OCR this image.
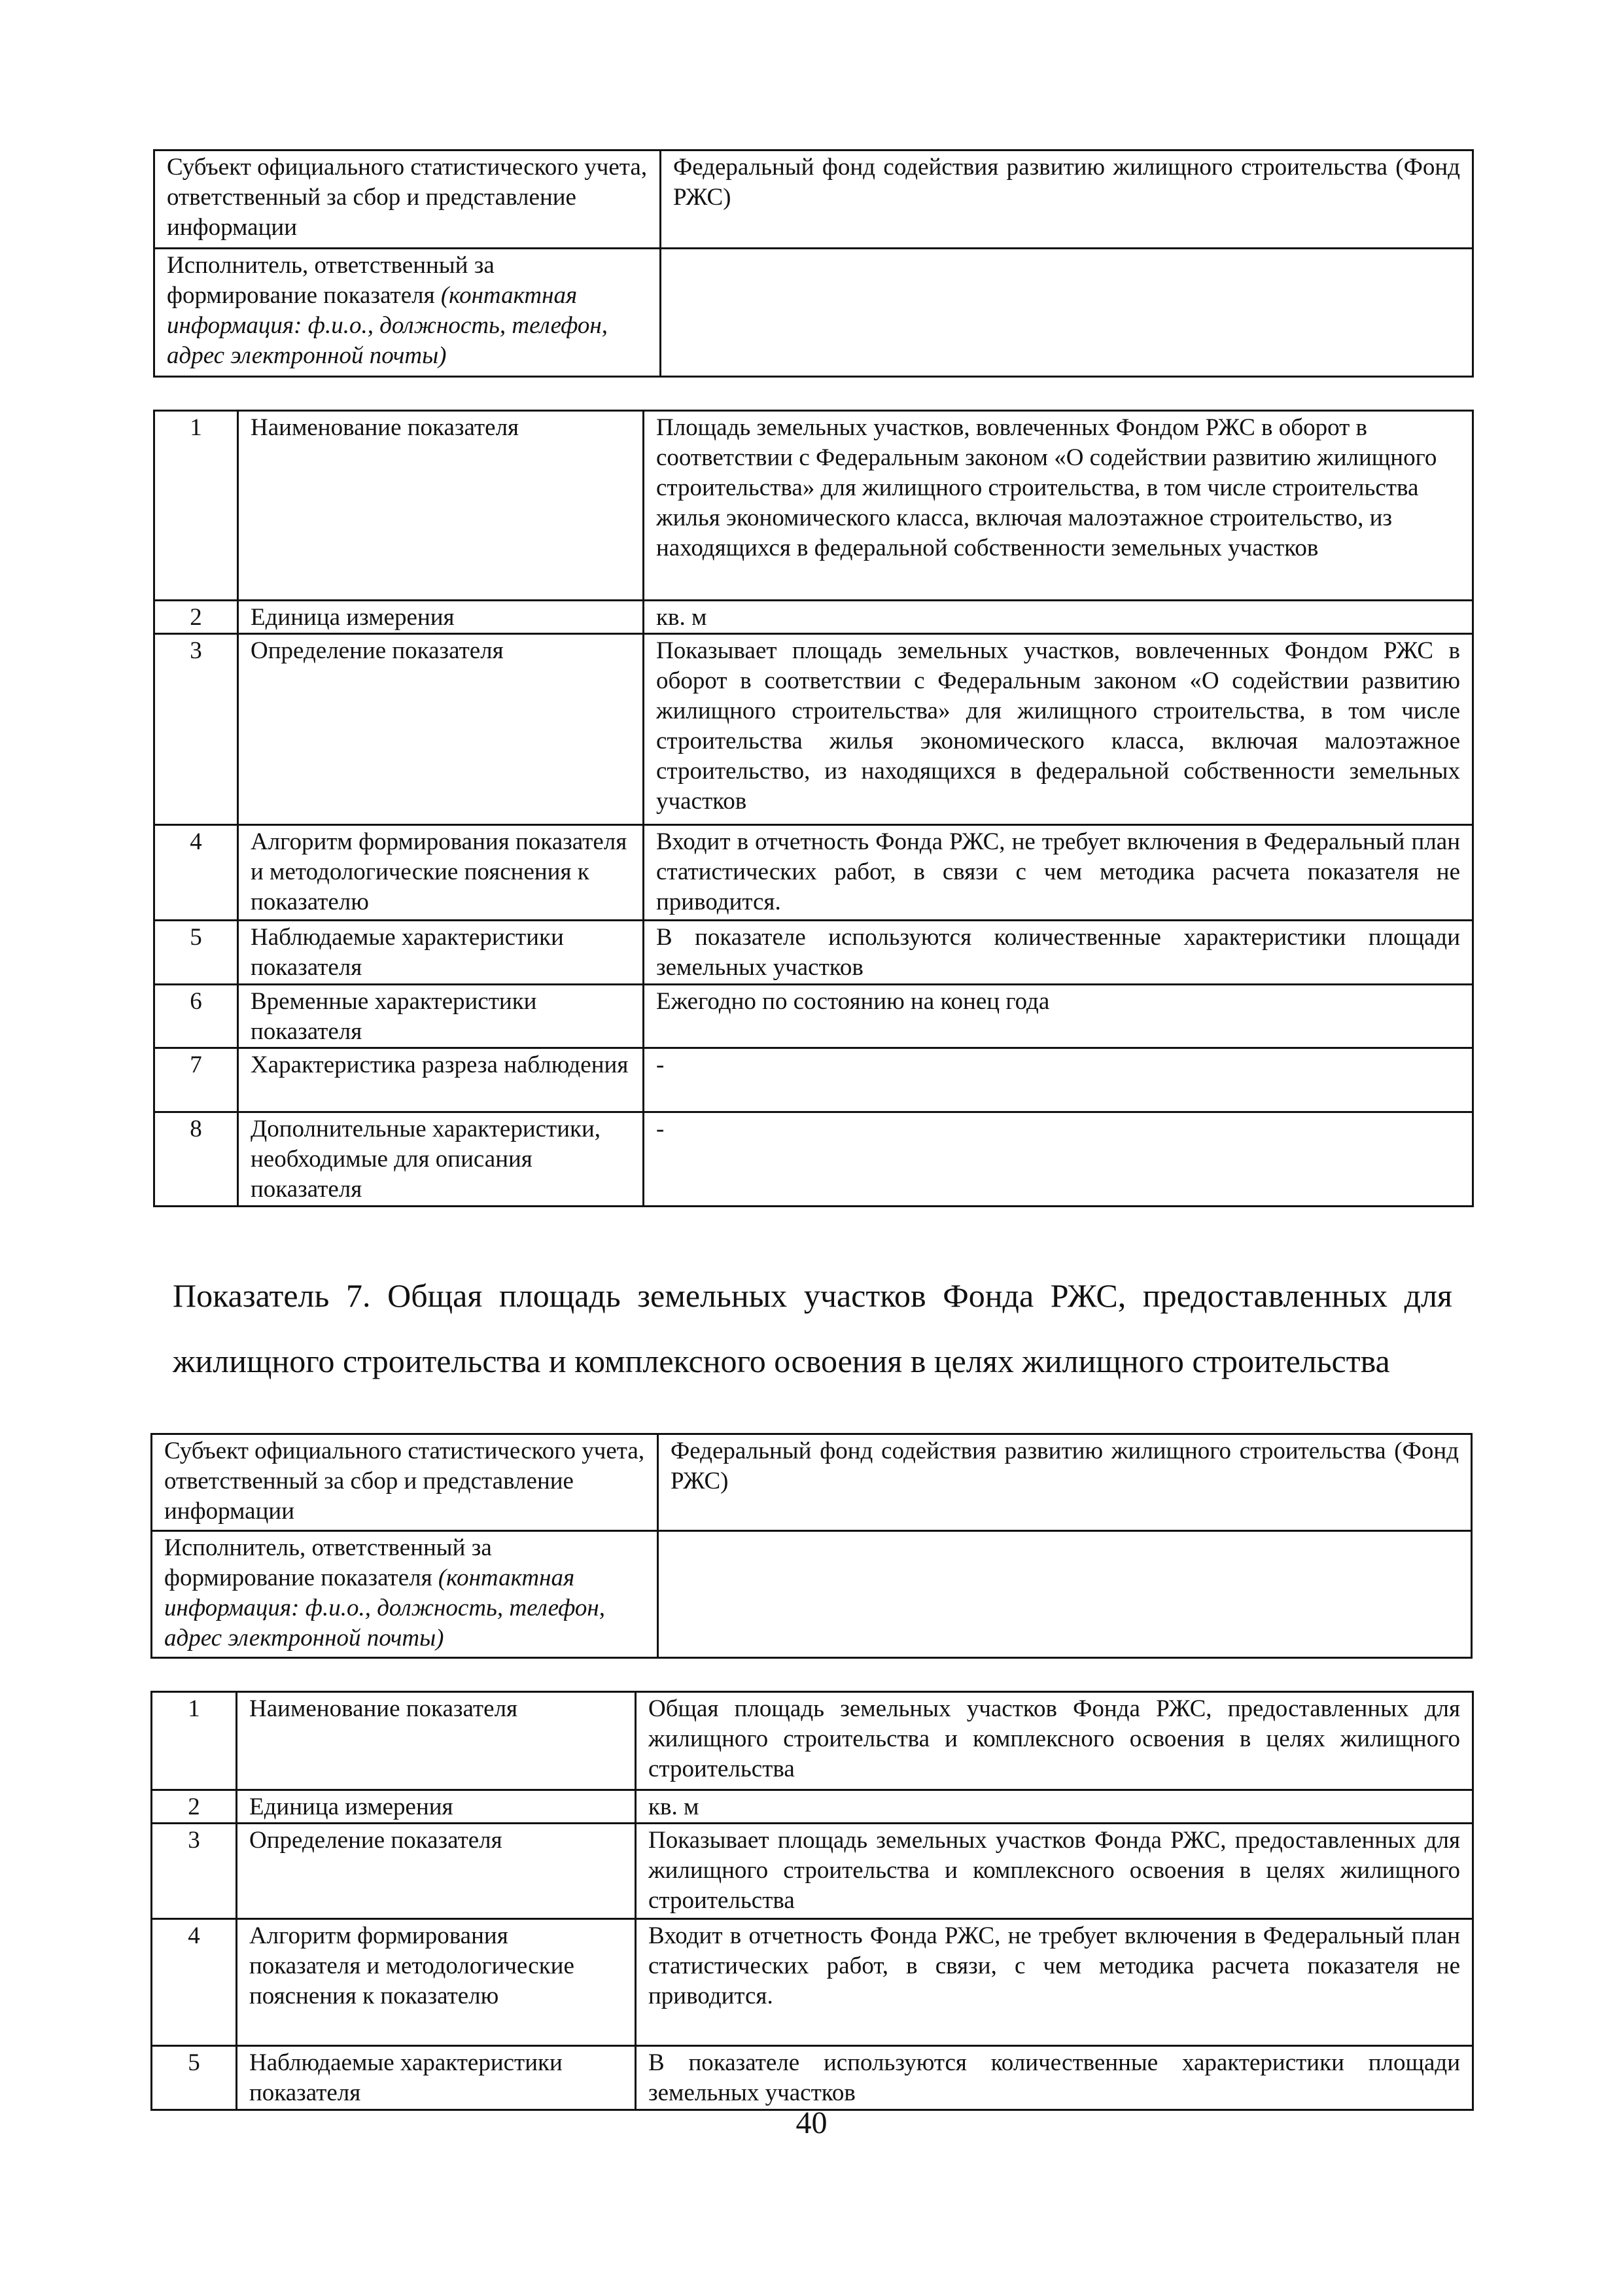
Субъект официального статистического учета, ответственный за сбор и представление информации	Федеральный фонд содействия развитию жилищного строительства (Фонд РЖС)
Исполнитель, ответственный за формирование показателя (контактная информация: ф.и.о., должность, телефон, адрес электронной почты)	
1	Наименование показателя	Площадь земельных участков, вовлеченных Фондом РЖС в оборот в соответствии с Федеральным законом «О содействии развитию жилищного строительства» для жилищного строительства, в том числе строительства жилья экономического класса, включая малоэтажное строительство, из находящихся в федеральной собственности земельных участков
2	Единица измерения	кв. м
3	Определение показателя	Показывает площадь земельных участков, вовлеченных Фондом РЖС в оборот в соответствии с Федеральным законом «О содействии развитию жилищного строительства» для жилищного строительства, в том числе строительства жилья экономического класса, включая малоэтажное строительство, из находящихся в федеральной собственности земельных участков
4	Алгоритм формирования показателя и методологические пояснения к показателю	Входит в отчетность Фонда РЖС, не требует включения в Федеральный план статистических работ, в связи с чем методика расчета показателя не приводится.
5	Наблюдаемые характеристики показателя	В показателе используются количественные характеристики площади земельных участков
6	Временные характеристики показателя	Ежегодно по состоянию на конец года
7	Характеристика разреза наблюдения	-
8	Дополнительные характеристики, необходимые для описания показателя	-
Показатель 7. Общая площадь земельных участков Фонда РЖС, предоставленных для жилищного строительства и комплексного освоения в целях жилищного строительства
Субъект официального статистического учета, ответственный за сбор и представление информации	Федеральный фонд содействия развитию жилищного строительства (Фонд РЖС)
Исполнитель, ответственный за формирование показателя (контактная информация: ф.и.о., должность, телефон, адрес электронной почты)	
1	Наименование показателя	Общая площадь земельных участков Фонда РЖС, предоставленных для жилищного строительства и комплексного освоения в целях жилищного строительства
2	Единица измерения	кв. м
3	Определение показателя	Показывает площадь земельных участков Фонда РЖС, предоставленных для жилищного строительства и комплексного освоения в целях жилищного строительства
4	Алгоритм формирования показателя и методологические пояснения к показателю	Входит в отчетность Фонда РЖС, не требует включения в Федеральный план статистических работ, в связи, с чем методика расчета показателя не приводится.
5	Наблюдаемые характеристики показателя	В показателе используются количественные характеристики площади земельных участков
40
